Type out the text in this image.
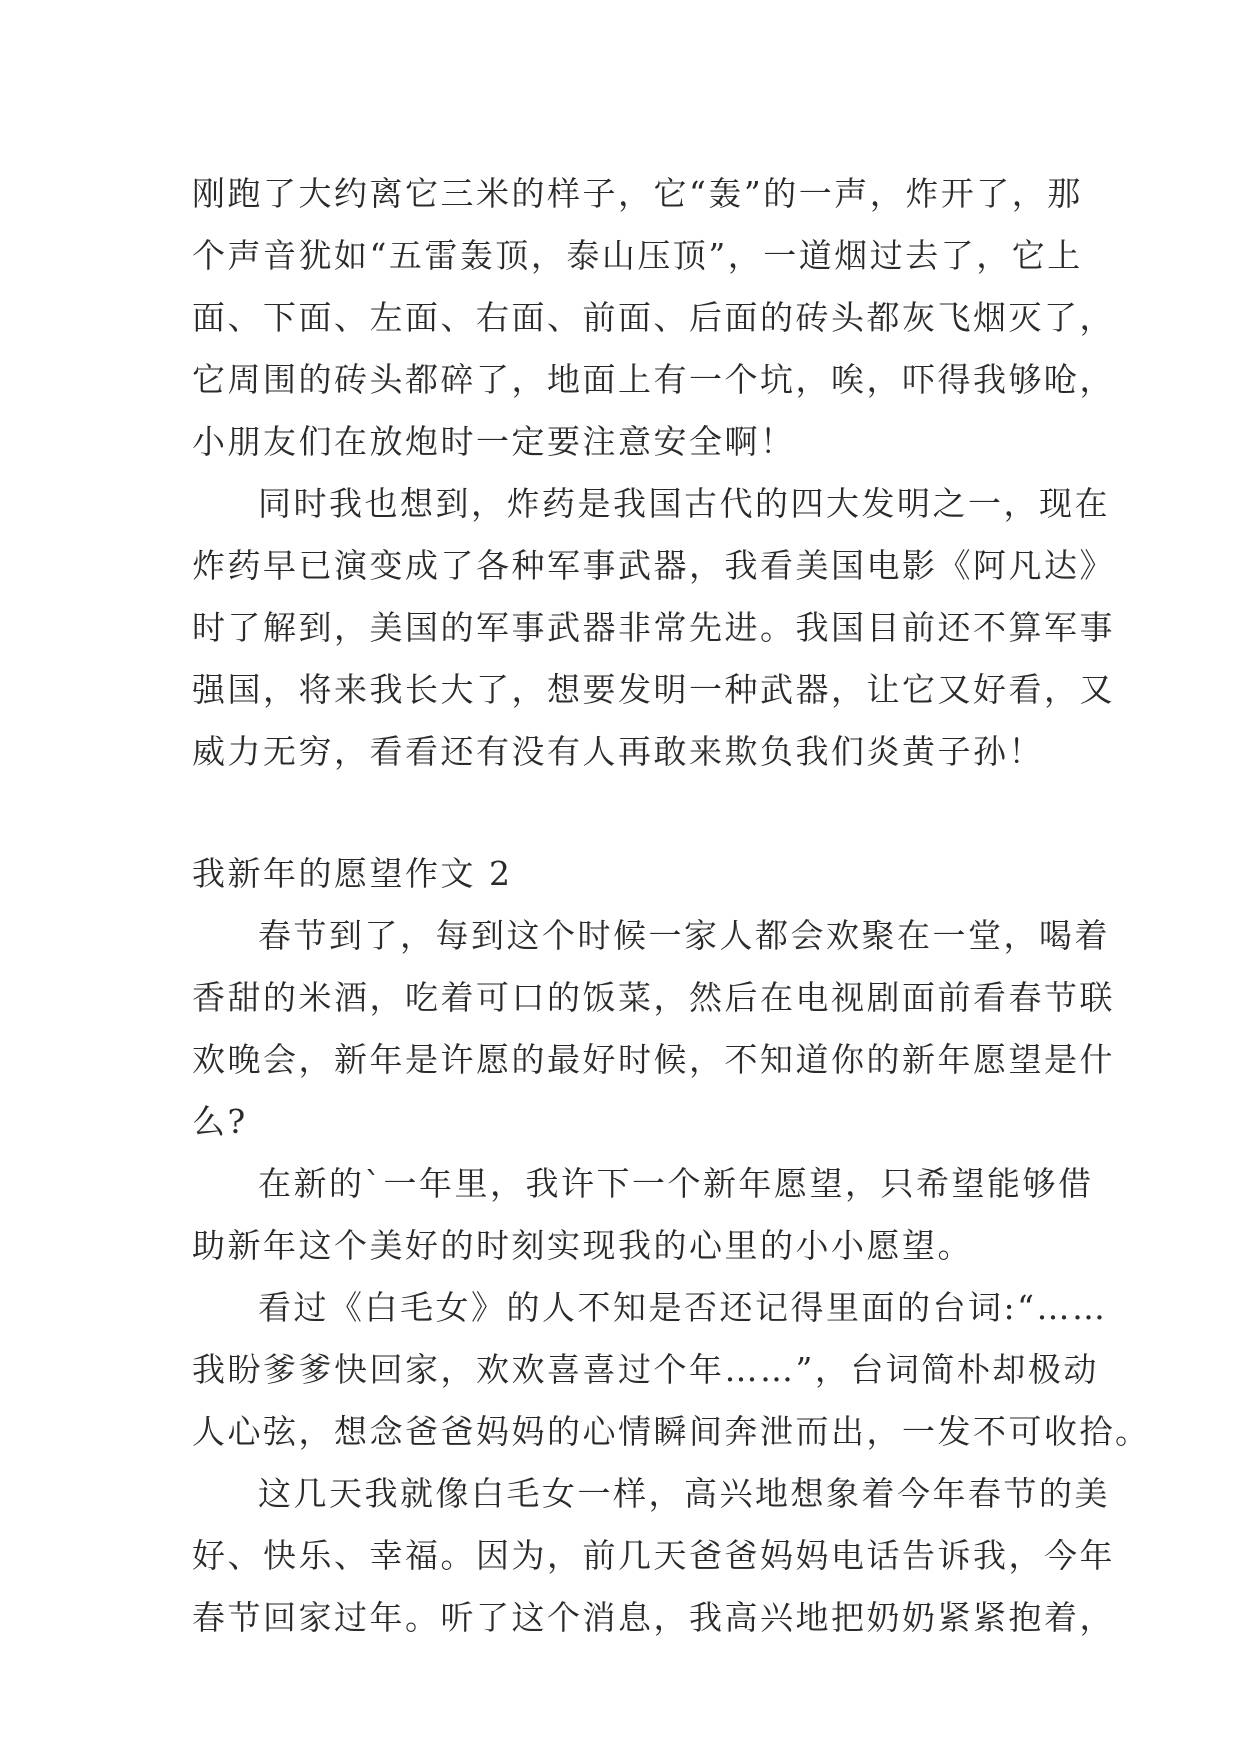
刚跑了大约离它三米的样子，它“轰”的一声，炸开了，那
个声音犹如“五雷轰顶，泰山压顶”，一道烟过去了，它上
面、下面、左面、右面、前面、后面的砖头都灰飞烟灭了，
它周围的砖头都碎了，地面上有一个坑，唉，吓得我够呛，
小朋友们在放炮时一定要注意安全啊！
同时我也想到，炸药是我国古代的四大发明之一，现在
炸药早已演变成了各种军事武器，我看美国电影《阿凡达》
时了解到，美国的军事武器非常先进。我国目前还不算军事
强国，将来我长大了，想要发明一种武器，让它又好看，又
威力无穷，看看还有没有人再敢来欺负我们炎黄子孙！
我新年的愿望作文 2
春节到了，每到这个时候一家人都会欢聚在一堂，喝着
香甜的米酒，吃着可口的饭菜，然后在电视剧面前看春节联
欢晚会，新年是许愿的最好时候，不知道你的新年愿望是什
么?
在新的`一年里，我许下一个新年愿望，只希望能够借
助新年这个美好的时刻实现我的心里的小小愿望。
看过《白毛女》的人不知是否还记得里面的台词:“……
我盼爹爹快回家，欢欢喜喜过个年……”，台词简朴却极动
人心弦，想念爸爸妈妈的心情瞬间奔泄而出，一发不可收拾。
这几天我就像白毛女一样，高兴地想象着今年春节的美
好、快乐、幸福。因为，前几天爸爸妈妈电话告诉我，今年
春节回家过年。听了这个消息，我高兴地把奶奶紧紧抱着，
